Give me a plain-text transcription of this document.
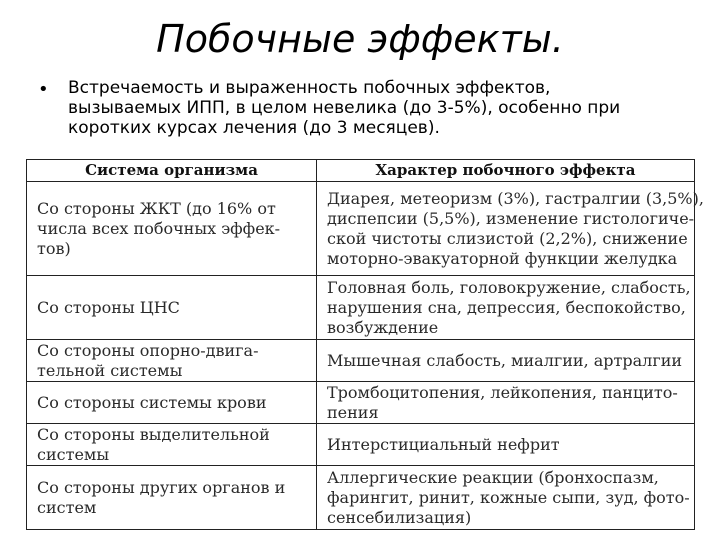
Побочные эффекты.
• Встречаемость и выраженность побочных эффектов,
вызываемых ИПП, в целом невелика (до 3-5%), особенно при
коротких курсах лечения (до 3 месяцев).
Система организма	Характер побочного эффекта

Со стороны ЖКТ (до 16% от
числа всех побочных эффек-
тов)	Диарея, метеоризм (3%), гастралгии (3,5%),
диспепсии (5,5%), изменение гистологиче-
ской чистоты слизистой (2,2%), снижение
моторно-эвакуаторной функции желудка

Со стороны ЦНС	Головная боль, головокружение, слабость,
нарушения сна, депрессия, беспокойство,
возбуждение

Со стороны опорно-двига-
тельной системы	Мышечная слабость, миалгии, артралгии

Со стороны системы крови	Тромбоцитопения, лейкопения, панцито-
пения

Со стороны выделительной
системы	Интерстициальный нефрит

Со стороны других органов и
систем	Аллергические реакции (бронхоспазм,
фарингит, ринит, кожные сыпи, зуд, фото-
сенсебилизация)
